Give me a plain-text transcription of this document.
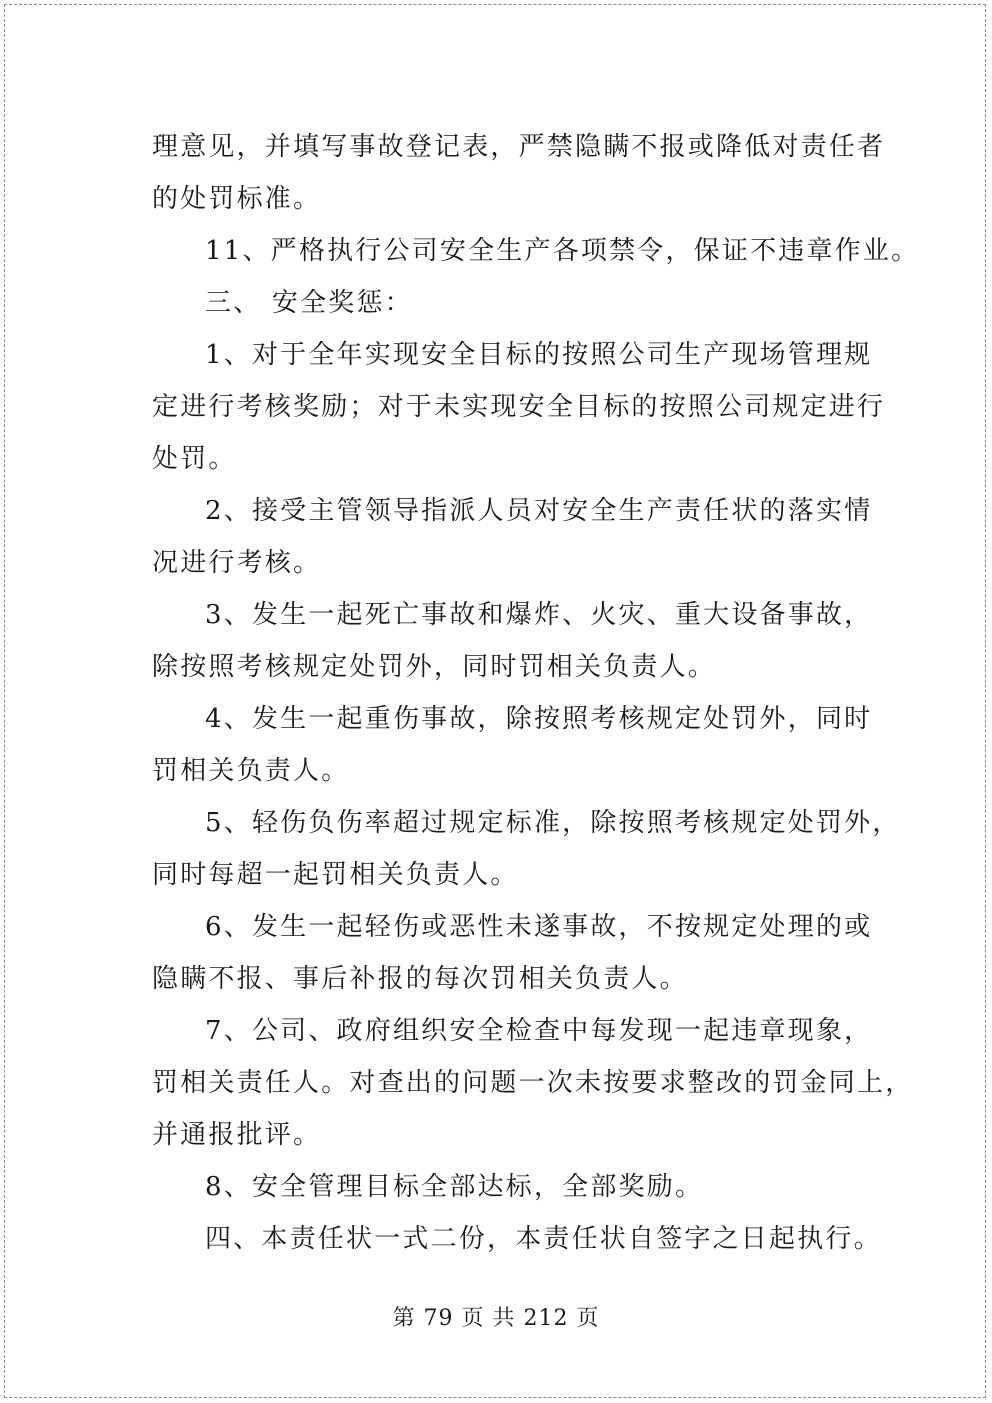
理意见，并填写事故登记表，严禁隐瞒不报或降低对责任者
的处罚标准。
11、严格执行公司安全生产各项禁令，保证不违章作业。
三、 安全奖惩：
1、对于全年实现安全目标的按照公司生产现场管理规
定进行考核奖励；对于未实现安全目标的按照公司规定进行
处罚。
2、接受主管领导指派人员对安全生产责任状的落实情
况进行考核。
3、发生一起死亡事故和爆炸、火灾、重大设备事故，
除按照考核规定处罚外，同时罚相关负责人。
4、发生一起重伤事故，除按照考核规定处罚外，同时
罚相关负责人。
5、轻伤负伤率超过规定标准，除按照考核规定处罚外，
同时每超一起罚相关负责人。
6、发生一起轻伤或恶性未遂事故，不按规定处理的或
隐瞒不报、事后补报的每次罚相关负责人。
7、公司、政府组织安全检查中每发现一起违章现象，
罚相关责任人。对查出的问题一次未按要求整改的罚金同上，
并通报批评。
8、安全管理目标全部达标，全部奖励。
四、本责任状一式二份，本责任状自签字之日起执行。
第 79 页 共 212 页
